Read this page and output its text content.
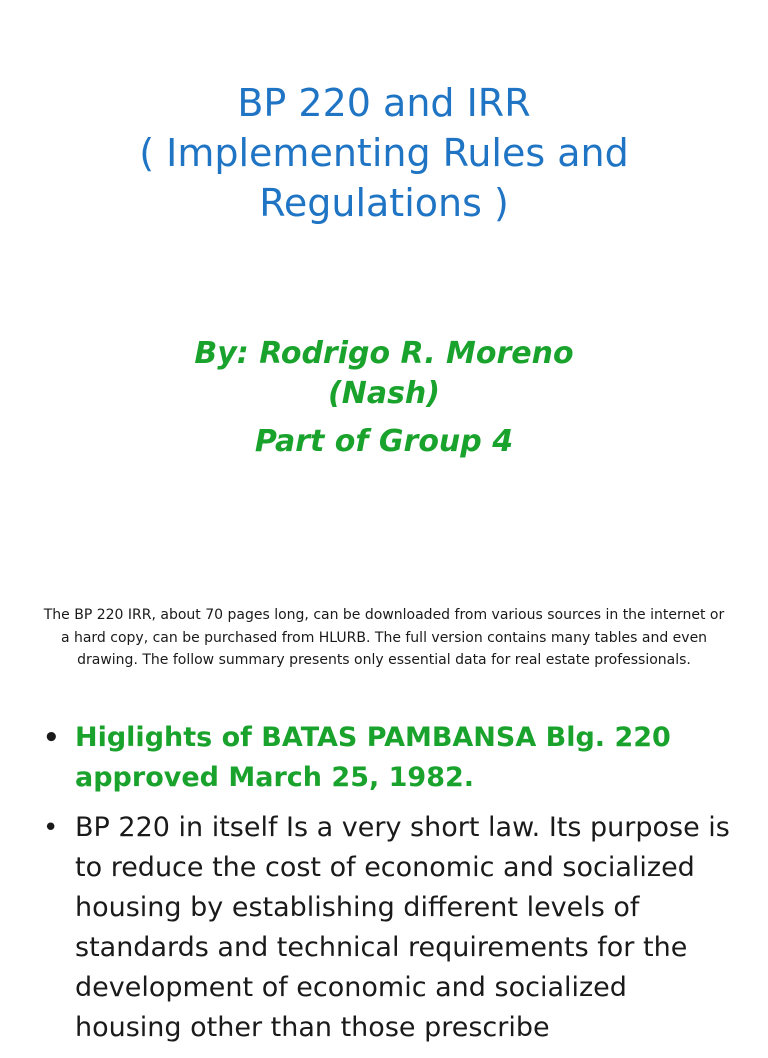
BP 220 and IRR
( Implementing Rules and
Regulations )
By: Rodrigo R. Moreno
(Nash)
Part of Group 4
The BP 220 IRR, about 70 pages long, can be downloaded from various sources in the internet or a hard copy, can be purchased from HLURB. The full version contains many tables and even drawing. The follow summary presents only essential data for real estate professionals.
• Higlights of BATAS PAMBANSA Blg. 220 approved March 25, 1982.
• BP 220 in itself Is a very short law. Its purpose is to reduce the cost of economic and socialized housing by establishing different levels of standards and technical requirements for the development of economic and socialized housing other than those prescribe
